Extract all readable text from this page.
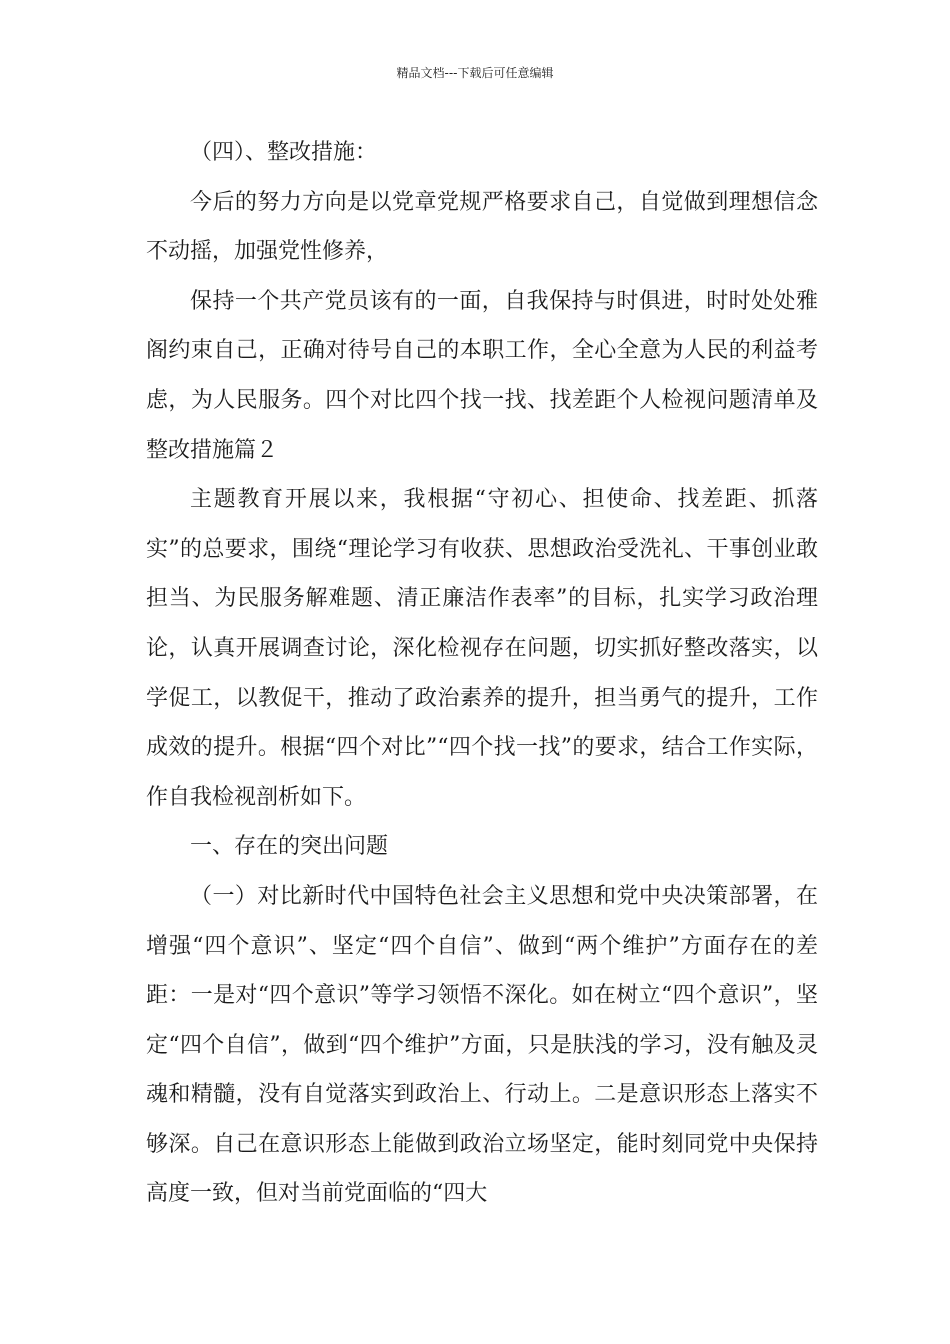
精品文档---下载后可任意编辑

（四）、整改措施：

今后的努力方向是以党章党规严格要求自己，自觉做到理想信念不动摇，加强党性修养，

保持一个共产党员该有的一面，自我保持与时俱进，时时处处雅阁约束自己，正确对待号自己的本职工作，全心全意为人民的利益考虑，为人民服务。四个对比四个找一找、找差距个人检视问题清单及整改措施篇２

主题教育开展以来，我根据“守初心、担使命、找差距、抓落实”的总要求，围绕“理论学习有收获、思想政治受洗礼、干事创业敢担当、为民服务解难题、清正廉洁作表率”的目标，扎实学习政治理论，认真开展调查讨论，深化检视存在问题，切实抓好整改落实，以学促工，以教促干，推动了政治素养的提升，担当勇气的提升，工作成效的提升。根据“四个对比”“四个找一找”的要求，结合工作实际，作自我检视剖析如下。

一、存在的突出问题

（一）对比新时代中国特色社会主义思想和党中央决策部署，在增强“四个意识”、坚定“四个自信”、做到“两个维护”方面存在的差距：一是对“四个意识”等学习领悟不深化。如在树立“四个意识”，坚定“四个自信”，做到“四个维护”方面，只是肤浅的学习，没有触及灵魂和精髓，没有自觉落实到政治上、行动上。二是意识形态上落实不够深。自己在意识形态上能做到政治立场坚定，能时刻同党中央保持高度一致，但对当前党面临的“四大
